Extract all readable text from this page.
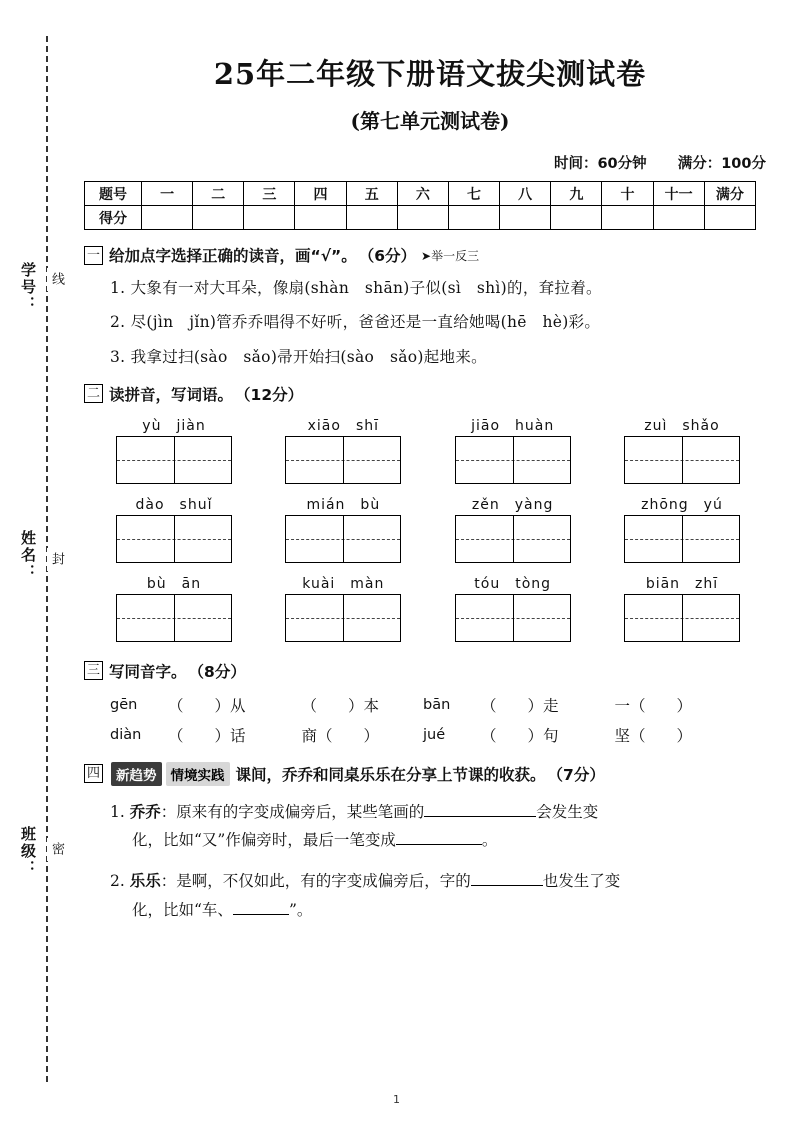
学号： 线
姓名： 封
班级： 密
25年二年级下册语文拔尖测试卷
(第七单元测试卷)
时间：60分钟 满分：100分
题号	一	二	三	四	五	六	七	八	九	十	十一	满分
得分												
一 给加点字选择正确的读音，画“√”。 （6分） ➤举一反三
1. 大象有一对大耳朵，像扇(shàn　shān)子似(sì　shì)的，耷拉着。
2. 尽(jìn　jǐn)管乔乔唱得不好听，爸爸还是一直给她喝(hē　hè)彩。
3. 我拿过扫(sào　sǎo)帚开始扫(sào　sǎo)起地来。
二 读拼音，写词语。 （12分）
yù　jiàn	xiāo　shī	jiāo　huàn	zuì　shǎo
dào　shuǐ	mián　bù	zěn　yàng	zhōng　yú
bù　ān	kuài　màn	tóu　tòng	biān　zhī
三 写同音字。 （8分）
gēn	（　　）从	（　　）本	bān	（　　）走	一（　　）
diàn	（　　）话	商（　　）	jué	（　　）句	坚（　　）
四	新趋势	情境实践 课间，乔乔和同桌乐乐在分享上节课的收获。 （7分）
1. 乔乔：原来有的字变成偏旁后，某些笔画的	会发生变
化，比如“又”作偏旁时，最后一笔变成	。
2. 乐乐：是啊，不仅如此，有的字变成偏旁后，字的	也发生了变
化，比如“车、	”。
1
